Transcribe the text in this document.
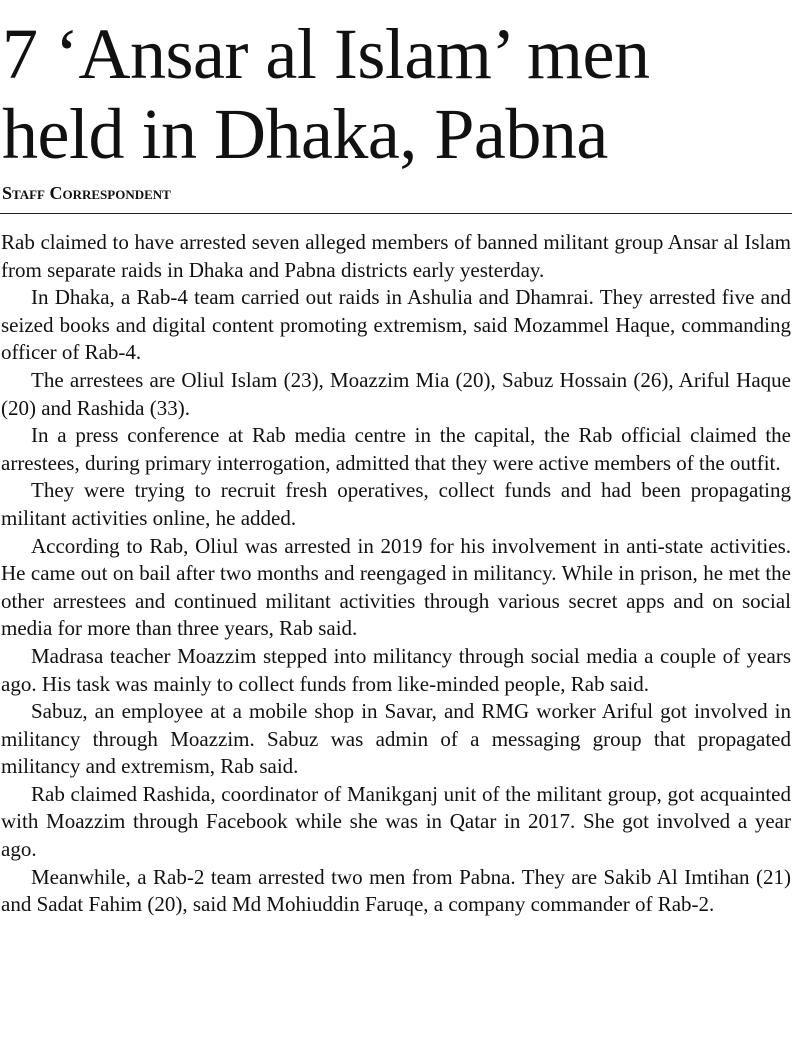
7 ‘Ansar al Islam’ men
held in Dhaka, Pabna
Staff Correspondent

Rab claimed to have arrested seven alleged members of banned militant group Ansar al Islam from separate raids in Dhaka and Pabna districts early yesterday.

In Dhaka, a Rab-4 team carried out raids in Ashulia and Dhamrai. They arrested five and seized books and digital content promoting extremism, said Mozammel Haque, commanding officer of Rab-4.

The arrestees are Oliul Islam (23), Moazzim Mia (20), Sabuz Hossain (26), Ariful Haque (20) and Rashida (33).

In a press conference at Rab media centre in the capital, the Rab official claimed the arrestees, during primary interrogation, admitted that they were active members of the outfit.

They were trying to recruit fresh operatives, collect funds and had been propagating militant activities online, he added.

According to Rab, Oliul was arrested in 2019 for his involvement in anti-state activities. He came out on bail after two months and reengaged in militancy. While in prison, he met the other arrestees and continued militant activities through various secret apps and on social media for more than three years, Rab said.

Madrasa teacher Moazzim stepped into militancy through social media a couple of years ago. His task was mainly to collect funds from like-minded people, Rab said.

Sabuz, an employee at a mobile shop in Savar, and RMG worker Ariful got involved in militancy through Moazzim. Sabuz was admin of a messaging group that propagated militancy and extremism, Rab said.

Rab claimed Rashida, coordinator of Manikganj unit of the militant group, got acquainted with Moazzim through Facebook while she was in Qatar in 2017. She got involved a year ago.

Meanwhile, a Rab-2 team arrested two men from Pabna. They are Sakib Al Imtihan (21) and Sadat Fahim (20), said Md Mohiuddin Faruqe, a company commander of Rab-2.
